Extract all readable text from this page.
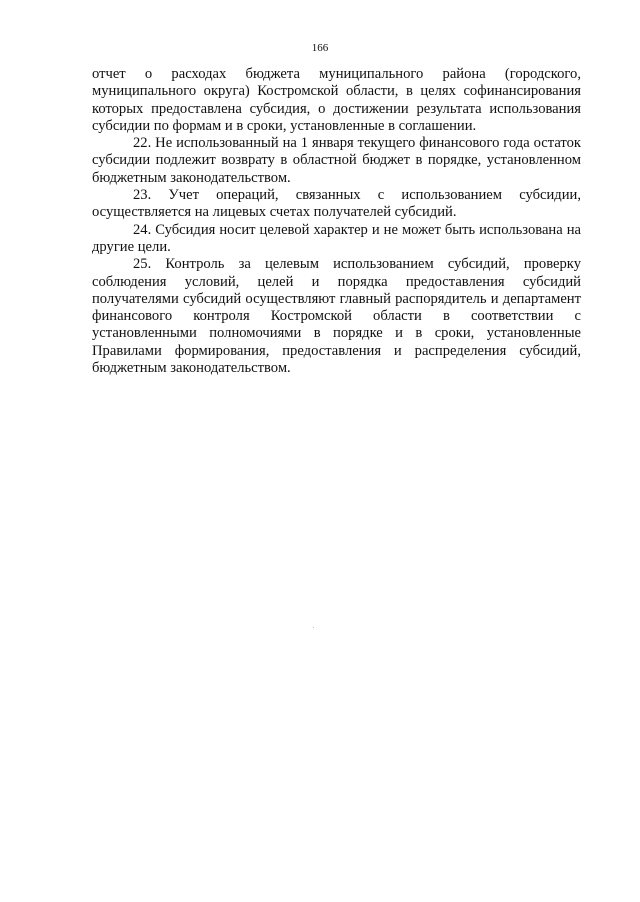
166

отчет о расходах бюджета муниципального района (городского, муниципального округа) Костромской области, в целях софинансирования которых предоставлена субсидия, о достижении результата использования субсидии по формам и в сроки, установленные в соглашении.

22. Не использованный на 1 января текущего финансового года остаток субсидии подлежит возврату в областной бюджет в порядке, установленном бюджетным законодательством.

23. Учет операций, связанных с использованием субсидии, осуществляется на лицевых счетах получателей субсидий.

24. Субсидия носит целевой характер и не может быть использована на другие цели.

25. Контроль за целевым использованием субсидий, проверку соблюдения условий, целей и порядка предоставления субсидий получателями субсидий осуществляют главный распорядитель и департамент финансового контроля Костромской области в соответствии с установленными полномочиями в порядке и в сроки, установленные Правилами формирования, предоставления и распределения субсидий, бюджетным законодательством.
